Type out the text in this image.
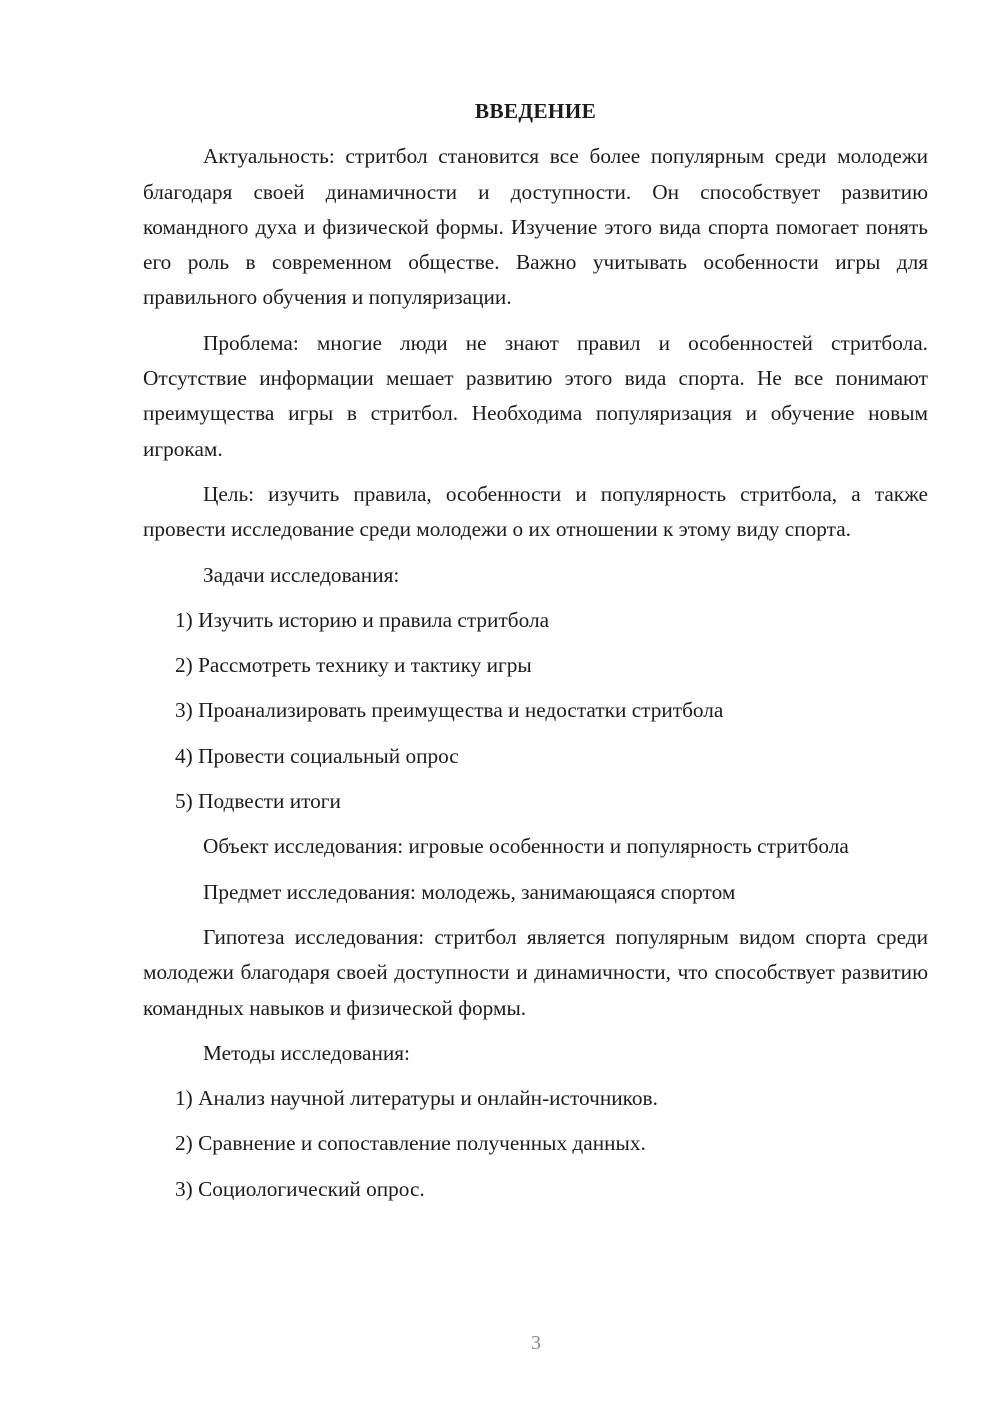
ВВЕДЕНИЕ

Актуальность: стритбол становится все более популярным среди молодежи благодаря своей динамичности и доступности. Он способствует развитию командного духа и физической формы. Изучение этого вида спорта помогает понять его роль в современном обществе. Важно учитывать особенности игры для правильного обучения и популяризации.

Проблема: многие люди не знают правил и особенностей стритбола. Отсутствие информации мешает развитию этого вида спорта. Не все понимают преимущества игры в стритбол. Необходима популяризация и обучение новым игрокам.

Цель: изучить правила, особенности и популярность стритбола, а также провести исследование среди молодежи о их отношении к этому виду спорта.

Задачи исследования:

1) Изучить историю и правила стритбола
2) Рассмотреть технику и тактику игры
3) Проанализировать преимущества и недостатки стритбола
4) Провести социальный опрос
5) Подвести итоги

Объект исследования: игровые особенности и популярность стритбола

Предмет исследования: молодежь, занимающаяся спортом

Гипотеза исследования: стритбол является популярным видом спорта среди молодежи благодаря своей доступности и динамичности, что способствует развитию командных навыков и физической формы.

Методы исследования:

1) Анализ научной литературы и онлайн-источников.
2) Сравнение и сопоставление полученных данных.
3) Социологический опрос.
3
